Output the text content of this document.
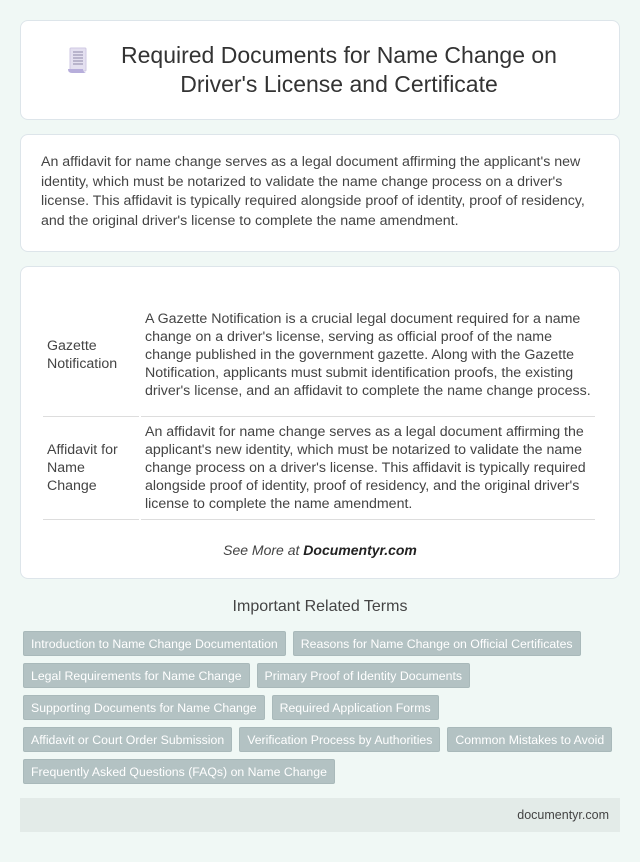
Required Documents for Name Change on Driver's License and Certificate

An affidavit for name change serves as a legal document affirming the applicant's new identity, which must be notarized to validate the name change process on a driver's license. This affidavit is typically required alongside proof of identity, proof of residency, and the original driver's license to complete the name amendment.

Gazette Notification	A Gazette Notification is a crucial legal document required for a name change on a driver's license, serving as official proof of the name change published in the government gazette. Along with the Gazette Notification, applicants must submit identification proofs, the existing driver's license, and an affidavit to complete the name change process.
Affidavit for Name Change	An affidavit for name change serves as a legal document affirming the applicant's new identity, which must be notarized to validate the name change process on a driver's license. This affidavit is typically required alongside proof of identity, proof of residency, and the original driver's license to complete the name amendment.
See More at Documentyr.com
Important Related Terms
Introduction to Name Change Documentation	Reasons for Name Change on Official Certificates
Legal Requirements for Name Change	Primary Proof of Identity Documents
Supporting Documents for Name Change	Required Application Forms
Affidavit or Court Order Submission	Verification Process by Authorities	Common Mistakes to Avoid
Frequently Asked Questions (FAQs) on Name Change
documentyr.com
